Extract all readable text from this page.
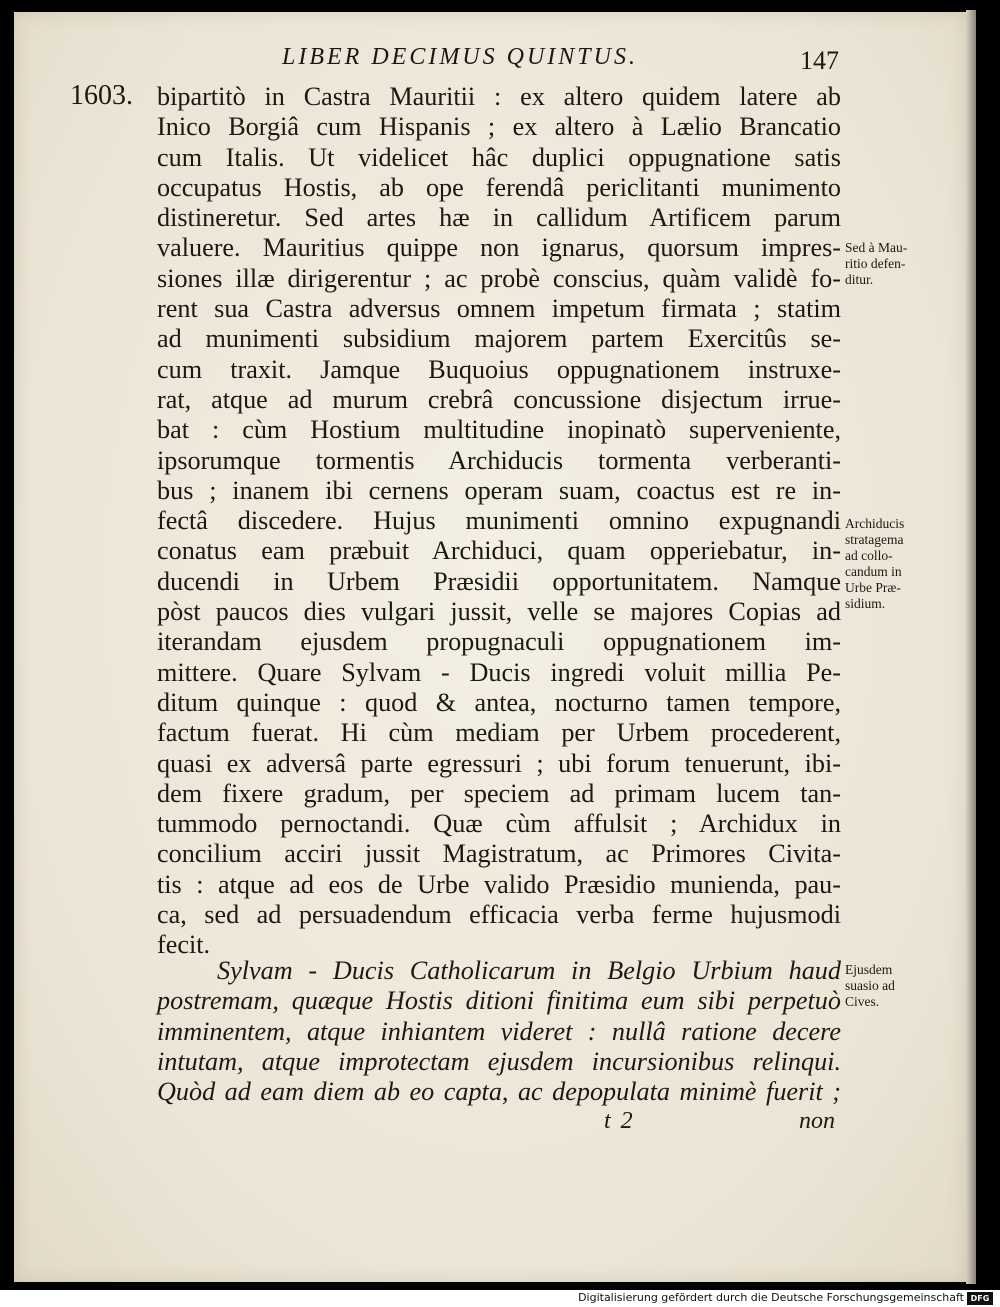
LIBER DECIMUS QUINTUS.	147
1603. bipartitò in Castra Mauritii : ex altero quidem latere ab
Inico Borgiâ cum Hispanis ; ex altero à Lælio Brancatio
cum Italis. Ut videlicet hâc duplici oppugnatione satis
occupatus Hostis, ab ope ferendâ periclitanti munimento
distineretur. Sed artes hæ in callidum Artificem parum
valuere. Mauritius quippe non ignarus, quorsum impres-
siones illæ dirigerentur ; ac probè conscius, quàm validè fo-
rent sua Castra adversus omnem impetum firmata ; statim
ad munimenti subsidium majorem partem Exercitûs se-
cum traxit. Jamque Buquoius oppugnationem instruxe-
rat, atque ad murum crebrâ concussione disjectum irrue-
bat : cùm Hostium multitudine inopinatò superveniente,
ipsorumque tormentis Archiducis tormenta verberanti-
bus ; inanem ibi cernens operam suam, coactus est re in-
fectâ discedere. Hujus munimenti omnino expugnandi
conatus eam præbuit Archiduci, quam opperiebatur, in-
ducendi in Urbem Præsidii opportunitatem. Namque
pòst paucos dies vulgari jussit, velle se majores Copias ad
iterandam ejusdem propugnaculi oppugnationem im-
mittere. Quare Sylvam - Ducis ingredi voluit millia Pe-
ditum quinque : quod & antea, nocturno tamen tempore,
factum fuerat. Hi cùm mediam per Urbem procederent,
quasi ex adversâ parte egressuri ; ubi forum tenuerunt, ibi-
dem fixere gradum, per speciem ad primam lucem tan-
tummodo pernoctandi. Quæ cùm affulsit ; Archidux in
concilium acciri jussit Magistratum, ac Primores Civita-
tis : atque ad eos de Urbe valido Præsidio munienda, pau-
ca, sed ad persuadendum efficacia verba ferme hujusmodi
fecit.
Sylvam - Ducis Catholicarum in Belgio Urbium haud
postremam, quæque Hostis ditioni finitima eum sibi perpetuò
imminentem, atque inhiantem videret : nullâ ratione decere
intutam, atque improtectam ejusdem incursionibus relinqui.
Quòd ad eam diem ab eo capta, ac depopulata minimè fuerit ;
Sed à Mau-
ritio defen-
ditur.
Archiducis
stratagema
ad collo-
candum in
Urbe Præ-
sidium.
Ejusdem
suasio ad
Cives.
t 2	non
Digitalisierung gefördert durch die Deutsche Forschungsgemeinschaft DFG
